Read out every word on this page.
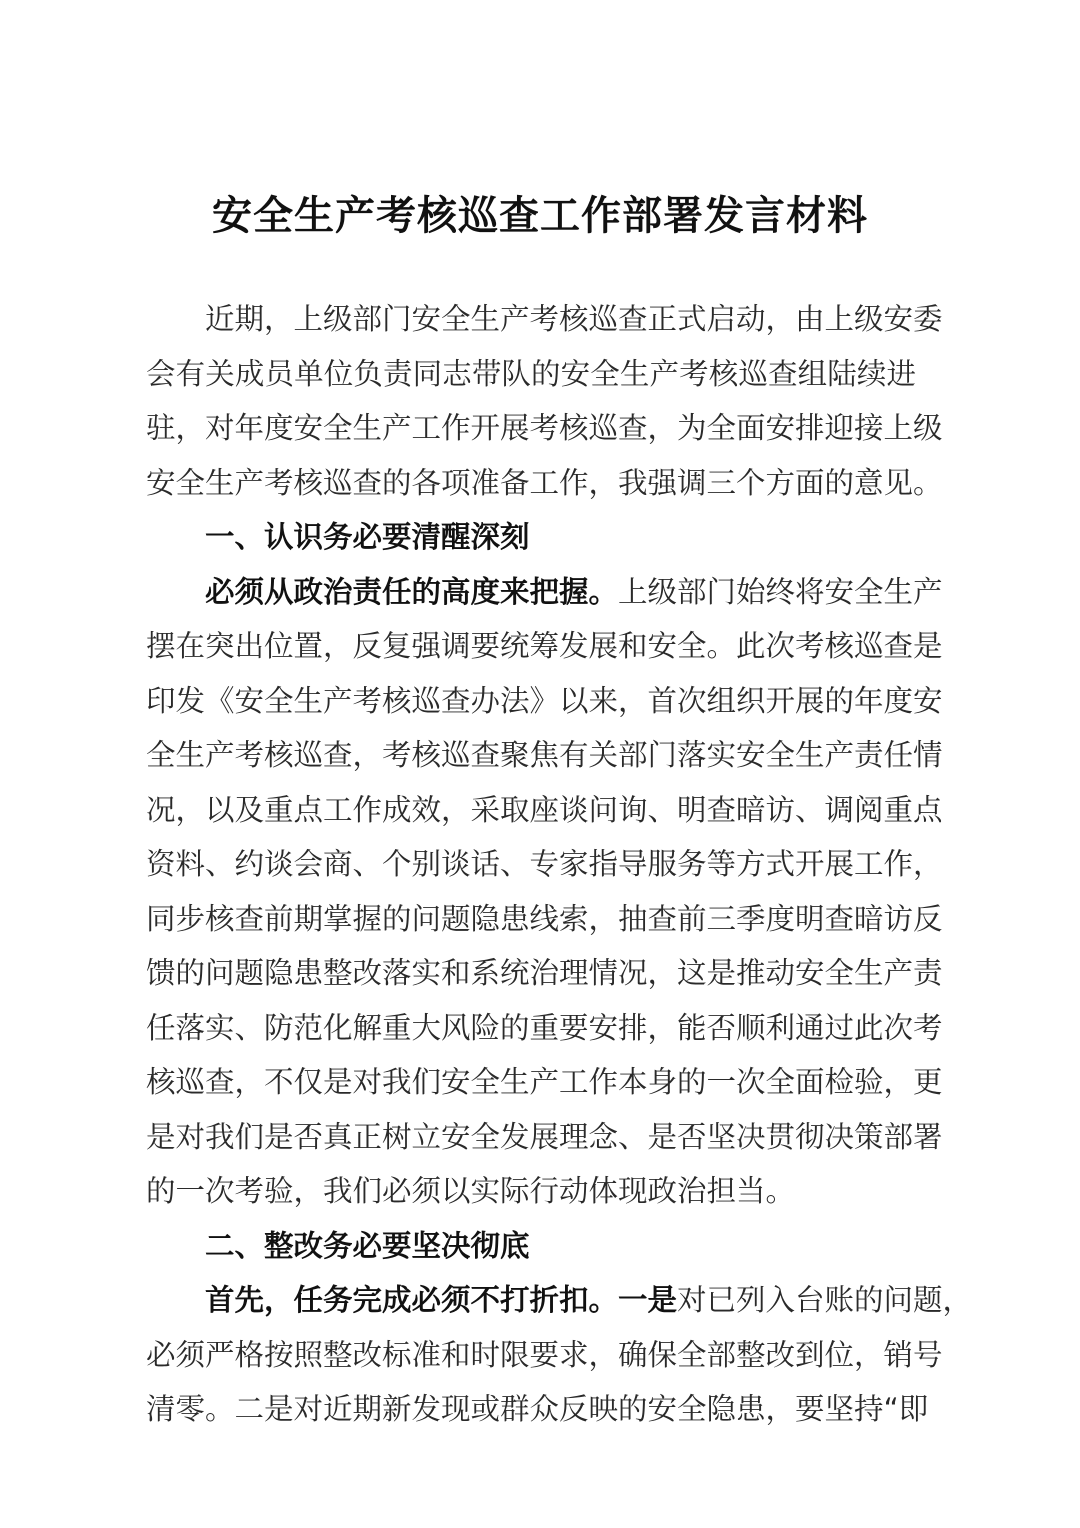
安全生产考核巡查工作部署发言材料
近期，上级部门安全生产考核巡查正式启动，由上级安委
会有关成员单位负责同志带队的安全生产考核巡查组陆续进
驻，对年度安全生产工作开展考核巡查，为全面安排迎接上级
安全生产考核巡查的各项准备工作，我强调三个方面的意见。
一、认识务必要清醒深刻
必须从政治责任的高度来把握。上级部门始终将安全生产
摆在突出位置，反复强调要统筹发展和安全。此次考核巡查是
印发《安全生产考核巡查办法》以来，首次组织开展的年度安
全生产考核巡查，考核巡查聚焦有关部门落实安全生产责任情
况，以及重点工作成效，采取座谈问询、明查暗访、调阅重点
资料、约谈会商、个别谈话、专家指导服务等方式开展工作，
同步核查前期掌握的问题隐患线索，抽查前三季度明查暗访反
馈的问题隐患整改落实和系统治理情况，这是推动安全生产责
任落实、防范化解重大风险的重要安排，能否顺利通过此次考
核巡查，不仅是对我们安全生产工作本身的一次全面检验，更
是对我们是否真正树立安全发展理念、是否坚决贯彻决策部署
的一次考验，我们必须以实际行动体现政治担当。
二、整改务必要坚决彻底
首先，任务完成必须不打折扣。一是对已列入台账的问题，
必须严格按照整改标准和时限要求，确保全部整改到位，销号
清零。二是对近期新发现或群众反映的安全隐患，要坚持“即
